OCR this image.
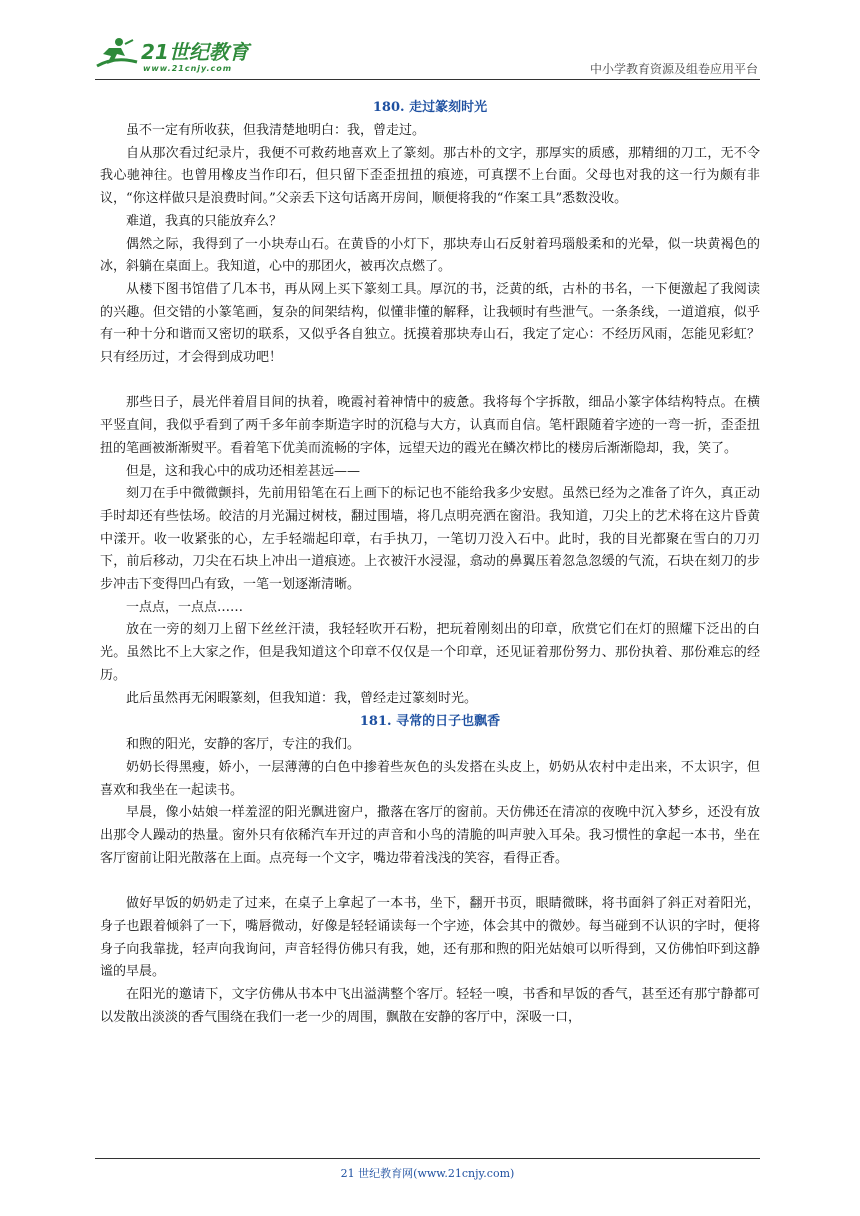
21世纪教育
www.21cnjy.com	中小学教育资源及组卷应用平台
180. 走过篆刻时光

虽不一定有所收获，但我清楚地明白：我，曾走过。

自从那次看过纪录片，我便不可救药地喜欢上了篆刻。那古朴的文字，那厚实的质感，那精细的刀工，无不令我心驰神往。也曾用橡皮当作印石，但只留下歪歪扭扭的痕迹，可真摆不上台面。父母也对我的这一行为颇有非议，“你这样做只是浪费时间。”父亲丢下这句话离开房间，顺便将我的“作案工具”悉数没收。

难道，我真的只能放弃么？

偶然之际，我得到了一小块寿山石。在黄昏的小灯下，那块寿山石反射着玛瑙般柔和的光晕，似一块黄褐色的冰，斜躺在桌面上。我知道，心中的那团火，被再次点燃了。

从楼下图书馆借了几本书，再从网上买下篆刻工具。厚沉的书，泛黄的纸，古朴的书名，一下便激起了我阅读的兴趣。但交错的小篆笔画，复杂的间架结构，似懂非懂的解释，让我顿时有些泄气。一条条线，一道道痕，似乎有一种十分和谐而又密切的联系，又似乎各自独立。抚摸着那块寿山石，我定了定心：不经历风雨，怎能见彩虹？只有经历过，才会得到成功吧！

那些日子，晨光伴着眉目间的执着，晚霞衬着神情中的疲惫。我将每个字拆散，细品小篆字体结构特点。在横平竖直间，我似乎看到了两千多年前李斯造字时的沉稳与大方，认真而自信。笔杆跟随着字迹的一弯一折，歪歪扭扭的笔画被渐渐熨平。看着笔下优美而流畅的字体，远望天边的霞光在鳞次栉比的楼房后渐渐隐却，我，笑了。

但是，这和我心中的成功还相差甚远——

刻刀在手中微微颤抖，先前用铅笔在石上画下的标记也不能给我多少安慰。虽然已经为之准备了许久，真正动手时却还有些怯场。皎洁的月光漏过树枝，翻过围墙，将几点明亮洒在窗沿。我知道，刀尖上的艺术将在这片昏黄中漾开。收一收紧张的心，左手轻端起印章，右手执刀，一笔切刀没入石中。此时，我的目光都聚在雪白的刀刃下，前后移动，刀尖在石块上冲出一道痕迹。上衣被汗水浸湿，翕动的鼻翼压着忽急忽缓的气流，石块在刻刀的步步冲击下变得凹凸有致，一笔一划逐渐清晰。

一点点，一点点……

放在一旁的刻刀上留下丝丝汗渍，我轻轻吹开石粉，把玩着刚刻出的印章，欣赏它们在灯的照耀下泛出的白光。虽然比不上大家之作，但是我知道这个印章不仅仅是一个印章，还见证着那份努力、那份执着、那份难忘的经历。

此后虽然再无闲暇篆刻，但我知道：我，曾经走过篆刻时光。

181. 寻常的日子也飘香

和煦的阳光，安静的客厅，专注的我们。

奶奶长得黑瘦，娇小，一层薄薄的白色中掺着些灰色的头发搭在头皮上，奶奶从农村中走出来，不太识字，但喜欢和我坐在一起读书。

早晨，像小姑娘一样羞涩的阳光飘进窗户，撒落在客厅的窗前。天仿佛还在清凉的夜晚中沉入梦乡，还没有放出那令人躁动的热量。窗外只有依稀汽车开过的声音和小鸟的清脆的叫声驶入耳朵。我习惯性的拿起一本书，坐在客厅窗前让阳光散落在上面。点亮每一个文字，嘴边带着浅浅的笑容，看得正香。

做好早饭的奶奶走了过来，在桌子上拿起了一本书，坐下，翻开书页，眼睛微眯，将书面斜了斜正对着阳光，身子也跟着倾斜了一下，嘴唇微动，好像是轻轻诵读每一个字迹，体会其中的微妙。每当碰到不认识的字时，便将身子向我靠拢，轻声向我询问，声音轻得仿佛只有我，她，还有那和煦的阳光姑娘可以听得到，又仿佛怕吓到这静谧的早晨。

在阳光的邀请下，文字仿佛从书本中飞出溢满整个客厅。轻轻一嗅，书香和早饭的香气，甚至还有那宁静都可以发散出淡淡的香气围绕在我们一老一少的周围，飘散在安静的客厅中，深吸一口，

21 世纪教育网(www.21cnjy.com)
